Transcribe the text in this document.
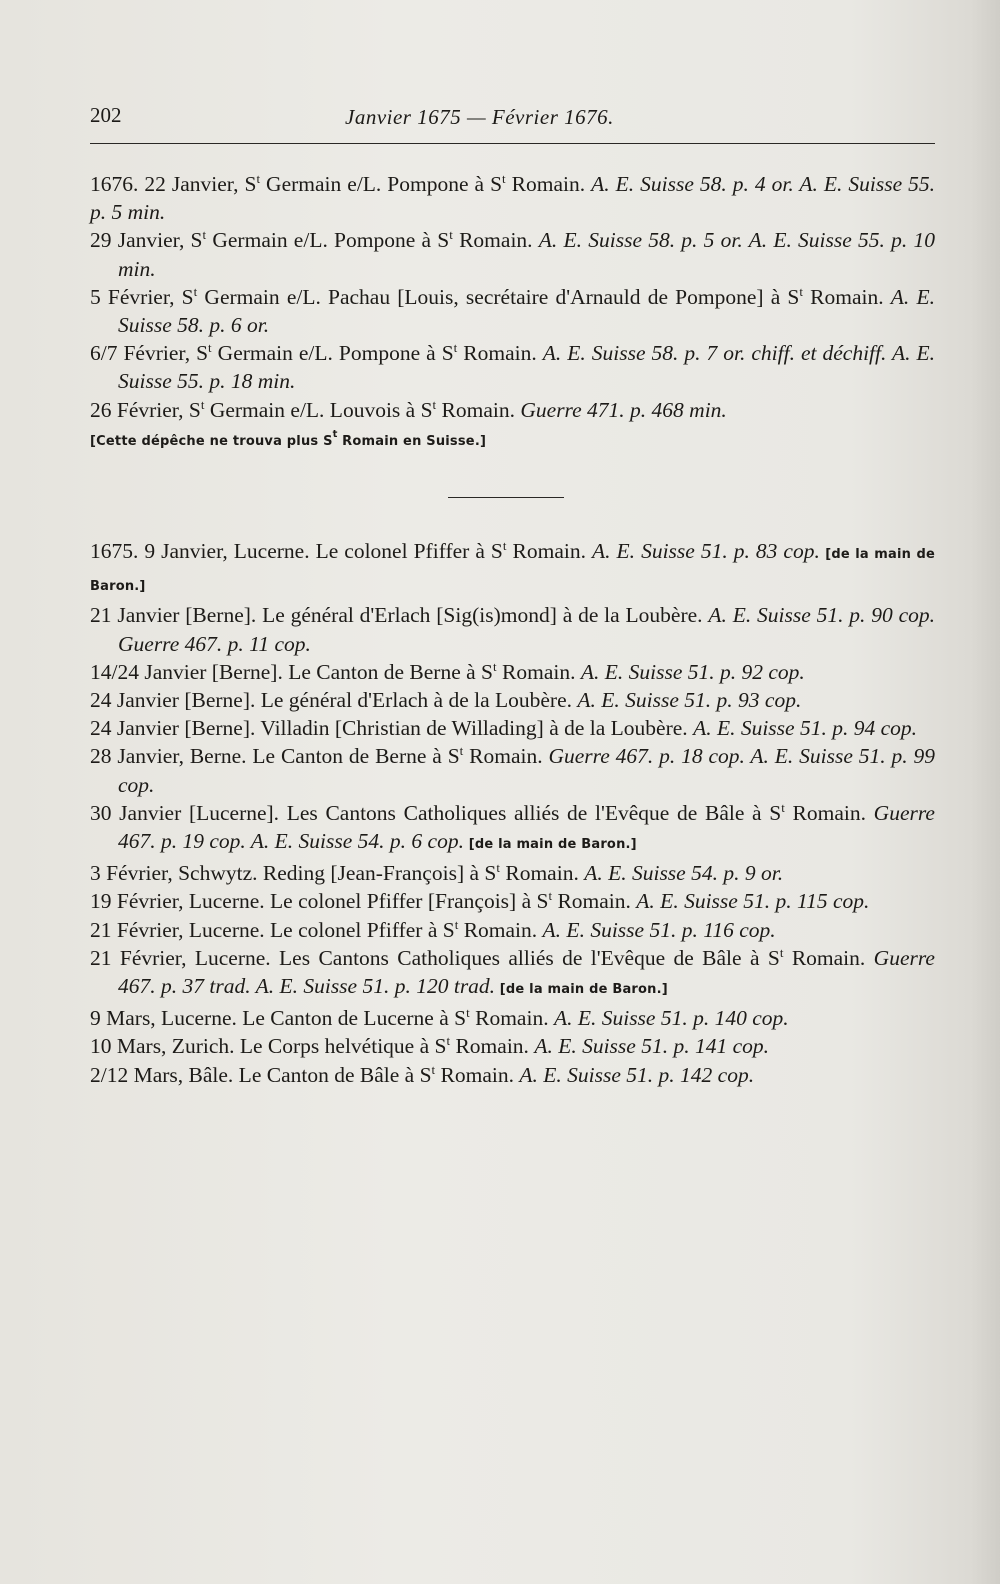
202	Janvier 1675 — Février 1676.

1676. 22 Janvier, $S^t$ Germain e/L. Pompone à $S^t$ Romain. A. E. Suisse 58. p. 4 or. A. E. Suisse 55. p. 5 min.

29 Janvier, $S^t$ Germain e/L. Pompone à $S^t$ Romain. A. E. Suisse 58. p. 5 or. A. E. Suisse 55. p. 10 min.

5 Février, $S^t$ Germain e/L. Pachau [Louis, secrétaire d'Arnauld de Pompone] à $S^t$ Romain. A. E. Suisse 58. p. 6 or.

6/7 Février, $S^t$ Germain e/L. Pompone à $S^t$ Romain. A. E. Suisse 58. p. 7 or. chiff. et déchiff. A. E. Suisse 55. p. 18 min.

26 Février, $S^t$ Germain e/L. Louvois à $S^t$ Romain. Guerre 471. p. 468 min.

[Cette dépêche ne trouva plus $S^t$ Romain en Suisse.]

1675. 9 Janvier, Lucerne. Le colonel Pfiffer à $S^t$ Romain. A. E. Suisse 51. p. 83 cop. [de la main de Baron.]

21 Janvier [Berne]. Le général d'Erlach [Sig(is)mond] à de la Loubère. A. E. Suisse 51. p. 90 cop. Guerre 467. p. 11 cop.

14/24 Janvier [Berne]. Le Canton de Berne à $S^t$ Romain. A. E. Suisse 51. p. 92 cop.

24 Janvier [Berne]. Le général d'Erlach à de la Loubère. A. E. Suisse 51. p. 93 cop.

24 Janvier [Berne]. Villadin [Christian de Willading] à de la Loubère. A. E. Suisse 51. p. 94 cop.

28 Janvier, Berne. Le Canton de Berne à $S^t$ Romain. Guerre 467. p. 18 cop. A. E. Suisse 51. p. 99 cop.

30 Janvier [Lucerne]. Les Cantons Catholiques alliés de l'Evêque de Bâle à $S^t$ Romain. Guerre 467. p. 19 cop. A. E. Suisse 54. p. 6 cop. [de la main de Baron.]

3 Février, Schwytz. Reding [Jean-François] à $S^t$ Romain. A. E. Suisse 54. p. 9 or.

19 Février, Lucerne. Le colonel Pfiffer [François] à $S^t$ Romain. A. E. Suisse 51. p. 115 cop.

21 Février, Lucerne. Le colonel Pfiffer à $S^t$ Romain. A. E. Suisse 51. p. 116 cop.

21 Février, Lucerne. Les Cantons Catholiques alliés de l'Evêque de Bâle à $S^t$ Romain. Guerre 467. p. 37 trad. A. E. Suisse 51. p. 120 trad. [de la main de Baron.]

9 Mars, Lucerne. Le Canton de Lucerne à $S^t$ Romain. A. E. Suisse 51. p. 140 cop.

10 Mars, Zurich. Le Corps helvétique à $S^t$ Romain. A. E. Suisse 51. p. 141 cop.

2/12 Mars, Bâle. Le Canton de Bâle à $S^t$ Romain. A. E. Suisse 51. p. 142 cop.
